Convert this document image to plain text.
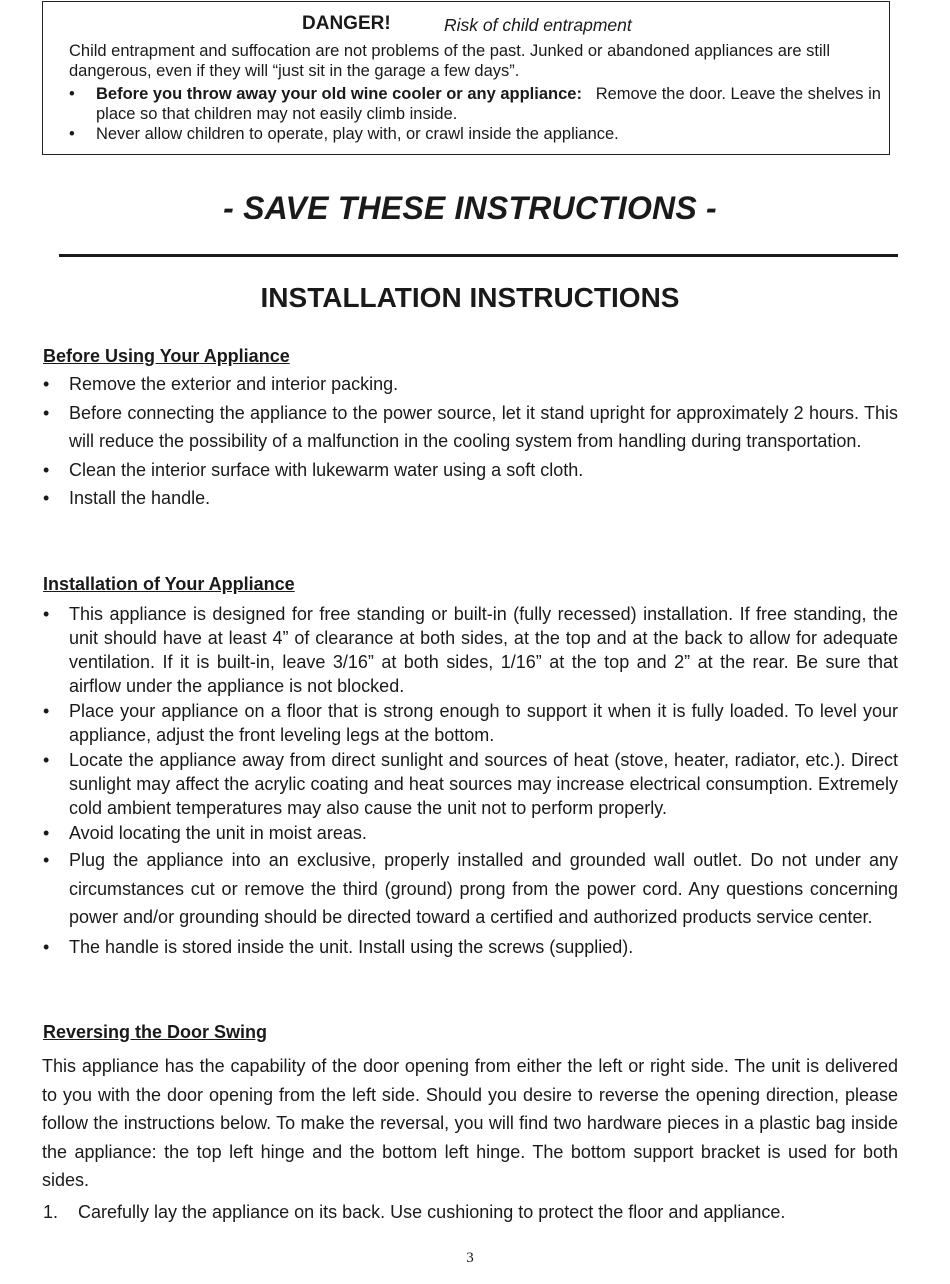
DANGER!	Risk of child entrapment
Child entrapment and suffocation are not problems of the past. Junked or abandoned appliances are still dangerous, even if they will “just sit in the garage a few days”.
• Before you throw away your old wine cooler or any appliance: Remove the door. Leave the shelves in place so that children may not easily climb inside.
• Never allow children to operate, play with, or crawl inside the appliance.
- SAVE THESE INSTRUCTIONS -
INSTALLATION INSTRUCTIONS
Before Using Your Appliance
• Remove the exterior and interior packing.
• Before connecting the appliance to the power source, let it stand upright for approximately 2 hours. This will reduce the possibility of a malfunction in the cooling system from handling during transportation.
• Clean the interior surface with lukewarm water using a soft cloth.
• Install the handle.
Installation of Your Appliance
• This appliance is designed for free standing or built-in (fully recessed) installation. If free standing, the unit should have at least 4” of clearance at both sides, at the top and at the back to allow for adequate ventilation. If it is built-in, leave 3/16” at both sides, 1/16” at the top and 2” at the rear. Be sure that airflow under the appliance is not blocked.
• Place your appliance on a floor that is strong enough to support it when it is fully loaded. To level your appliance, adjust the front leveling legs at the bottom.
• Locate the appliance away from direct sunlight and sources of heat (stove, heater, radiator, etc.). Direct sunlight may affect the acrylic coating and heat sources may increase electrical consumption. Extremely cold ambient temperatures may also cause the unit not to perform properly.
• Avoid locating the unit in moist areas.
• Plug the appliance into an exclusive, properly installed and grounded wall outlet. Do not under any circumstances cut or remove the third (ground) prong from the power cord. Any questions concerning power and/or grounding should be directed toward a certified and authorized products service center.
• The handle is stored inside the unit. Install using the screws (supplied).
Reversing the Door Swing
This appliance has the capability of the door opening from either the left or right side. The unit is delivered to you with the door opening from the left side. Should you desire to reverse the opening direction, please follow the instructions below. To make the reversal, you will find two hardware pieces in a plastic bag inside the appliance: the top left hinge and the bottom left hinge. The bottom support bracket is used for both sides.
1. Carefully lay the appliance on its back. Use cushioning to protect the floor and appliance.
3
